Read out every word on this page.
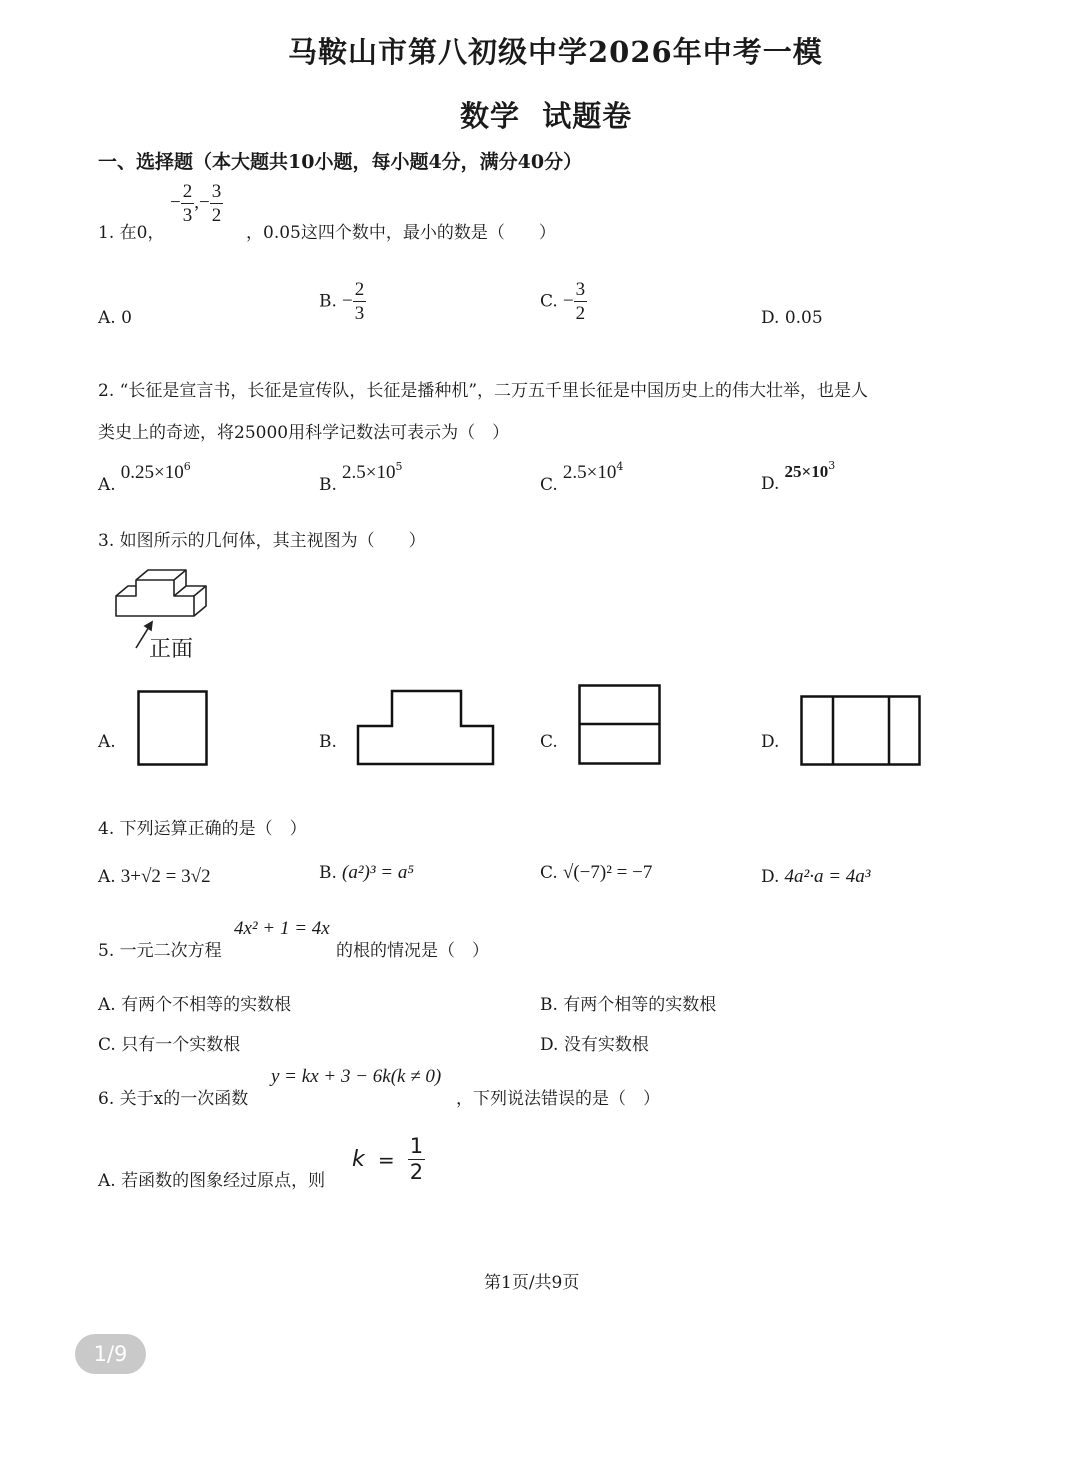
马鞍山市第八初级中学2026年中考一模
数学  试题卷
一、选择题（本大题共10小题，每小题4分，满分40分）
− $\frac{2}{3}$ ,− $\frac{3}{2}$
1. 在0，	，0.05这四个数中，最小的数是（　　）
A. 0
B. − $\frac{2}{3}$	C. − $\frac{3}{2}$	D. 0.05
2. “长征是宣言书，长征是宣传队，长征是播种机”，二万五千里长征是中国历史上的伟大壮举，也是人
类史上的奇迹，将25000用科学记数法可表示为（　）
A. $0.25\times 10^6$
B. $2.5\times 10^5$
C. $2.5\times 10^4$
D. $25\times 10^3$
3. 如图所示的几何体，其主视图为（　　）
正面
A.	B.	C.	D.
4. 下列运算正确的是（　）
A. 3+√2 = 3√2	B. (a²)³ = a⁵	C. √(−7)² = −7	D. 4a²·a = 4a³
5. 一元二次方程
4x² + 1 = 4x
的根的情况是（　）
A. 有两个不相等的实数根	B. 有两个相等的实数根
C. 只有一个实数根	D. 没有实数根
6. 关于x的一次函数
y = kx + 3 − 6k(k ≠ 0)
，下列说法错误的是（　）
A. 若函数的图象经过原点，则
$k = \frac{1}{2}$
第1页/共9页
1/9
